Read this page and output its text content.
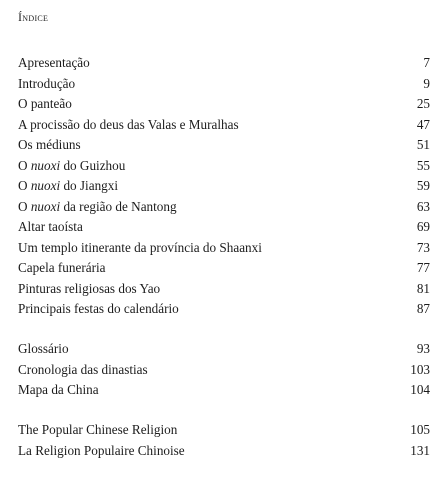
Índice
Apresentação	7
Introdução	9
O panteão	25
A procissão do deus das Valas e Muralhas	47
Os médiuns	51
O nuoxi do Guizhou	55
O nuoxi do Jiangxi	59
O nuoxi da região de Nantong	63
Altar taoísta	69
Um templo itinerante da província do Shaanxi	73
Capela funerária	77
Pinturas religiosas dos Yao	81
Principais festas do calendário	87
Glossário	93
Cronologia das dinastias	103
Mapa da China	104
The Popular Chinese Religion	105
La Religion Populaire Chinoise	131
